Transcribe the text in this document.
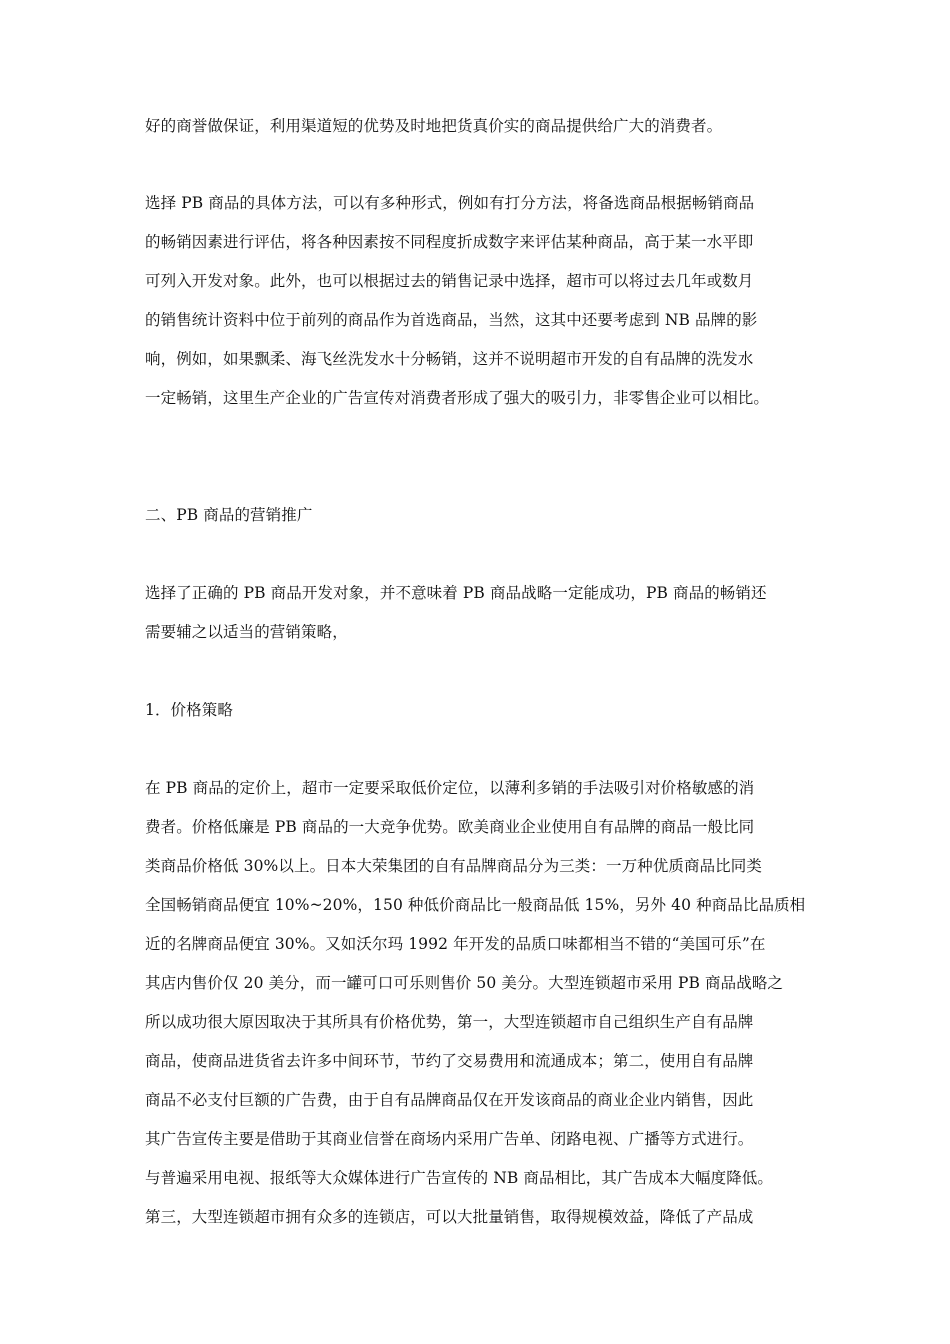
好的商誉做保证，利用渠道短的优势及时地把货真价实的商品提供给广大的消费者。
选择 PB 商品的具体方法，可以有多种形式，例如有打分方法，将备选商品根据畅销商品
的畅销因素进行评估，将各种因素按不同程度折成数字来评估某种商品，高于某一水平即
可列入开发对象。此外，也可以根据过去的销售记录中选择，超市可以将过去几年或数月
的销售统计资料中位于前列的商品作为首选商品，当然，这其中还要考虑到 NB 品牌的影
响，例如，如果飘柔、海飞丝洗发水十分畅销，这并不说明超市开发的自有品牌的洗发水
一定畅销，这里生产企业的广告宣传对消费者形成了强大的吸引力，非零售企业可以相比。
二、PB 商品的营销推广
选择了正确的 PB 商品开发对象，并不意味着 PB 商品战略一定能成功，PB 商品的畅销还
需要辅之以适当的营销策略，
1．价格策略
在 PB 商品的定价上，超市一定要采取低价定位，以薄利多销的手法吸引对价格敏感的消
费者。价格低廉是 PB 商品的一大竞争优势。欧美商业企业使用自有品牌的商品一般比同
类商品价格低 30%以上。日本大荣集团的自有品牌商品分为三类：一万种优质商品比同类
全国畅销商品便宜 10%~20%，150 种低价商品比一般商品低 15%，另外 40 种商品比品质相
近的名牌商品便宜 30%。又如沃尔玛 1992 年开发的品质口味都相当不错的“美国可乐”在
其店内售价仅 20 美分，而一罐可口可乐则售价 50 美分。大型连锁超市采用 PB 商品战略之
所以成功很大原因取决于其所具有价格优势，第一，大型连锁超市自己组织生产自有品牌
商品，使商品进货省去许多中间环节，节约了交易费用和流通成本；第二，使用自有品牌
商品不必支付巨额的广告费，由于自有品牌商品仅在开发该商品的商业企业内销售，因此
其广告宣传主要是借助于其商业信誉在商场内采用广告单、闭路电视、广播等方式进行。
与普遍采用电视、报纸等大众媒体进行广告宣传的 NB 商品相比，其广告成本大幅度降低。
第三，大型连锁超市拥有众多的连锁店，可以大批量销售，取得规模效益，降低了产品成
